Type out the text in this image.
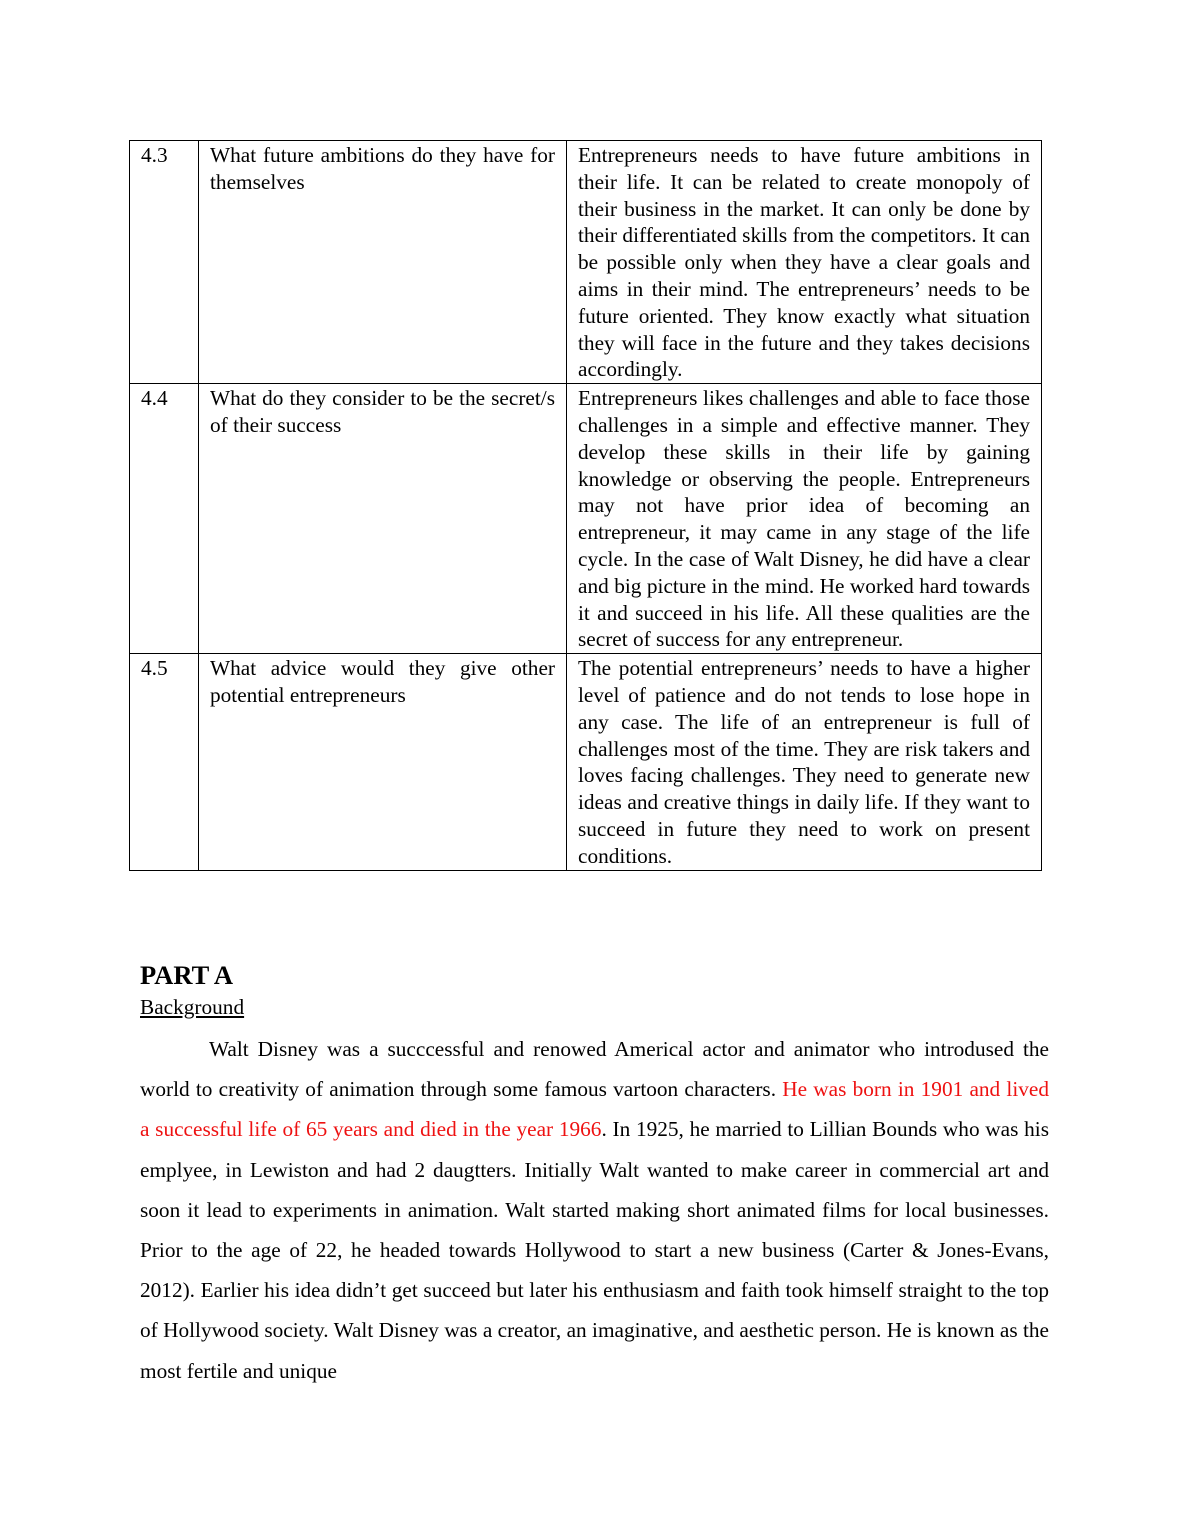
4.3	What future ambitions do they have for themselves	Entrepreneurs needs to have future ambitions in their life. It can be related to create monopoly of their business in the market. It can only be done by their differentiated skills from the competitors. It can be possible only when they have a clear goals and aims in their mind. The entrepreneurs’ needs to be future oriented. They know exactly what situation they will face in the future and they takes decisions accordingly.
4.4	What do they consider to be the secret/s of their success	Entrepreneurs likes challenges and able to face those challenges in a simple and effective manner. They develop these skills in their life by gaining knowledge or observing the people. Entrepreneurs may not have prior idea of becoming an entrepreneur, it may came in any stage of the life cycle. In the case of Walt Disney, he did have a clear and big picture in the mind. He worked hard towards it and succeed in his life. All these qualities are the secret of success for any entrepreneur.
4.5	What advice would they give other potential entrepreneurs	The potential entrepreneurs’ needs to have a higher level of patience and do not tends to lose hope in any case. The life of an entrepreneur is full of challenges most of the time. They are risk takers and loves facing challenges. They need to generate new ideas and creative things in daily life. If they want to succeed in future they need to work on present conditions.
PART A
Background

Walt Disney was a succcessful and renowed Americal actor and animator who introdused the world to creativity of animation through some famous vartoon characters. He was born in 1901 and lived a successful life of 65 years and died in the year 1966. In 1925, he married to Lillian Bounds who was his emplyee, in Lewiston and had 2 daugtters. Initially Walt wanted to make career in commercial art and soon it lead to experiments in animation. Walt started making short animated films for local businesses. Prior to the age of 22, he headed towards Hollywood to start a new business (Carter & Jones-Evans, 2012). Earlier his idea didn’t get succeed but later his enthusiasm and faith took himself straight to the top of Hollywood society. Walt Disney was a creator, an imaginative, and aesthetic person. He is known as the most fertile and unique
